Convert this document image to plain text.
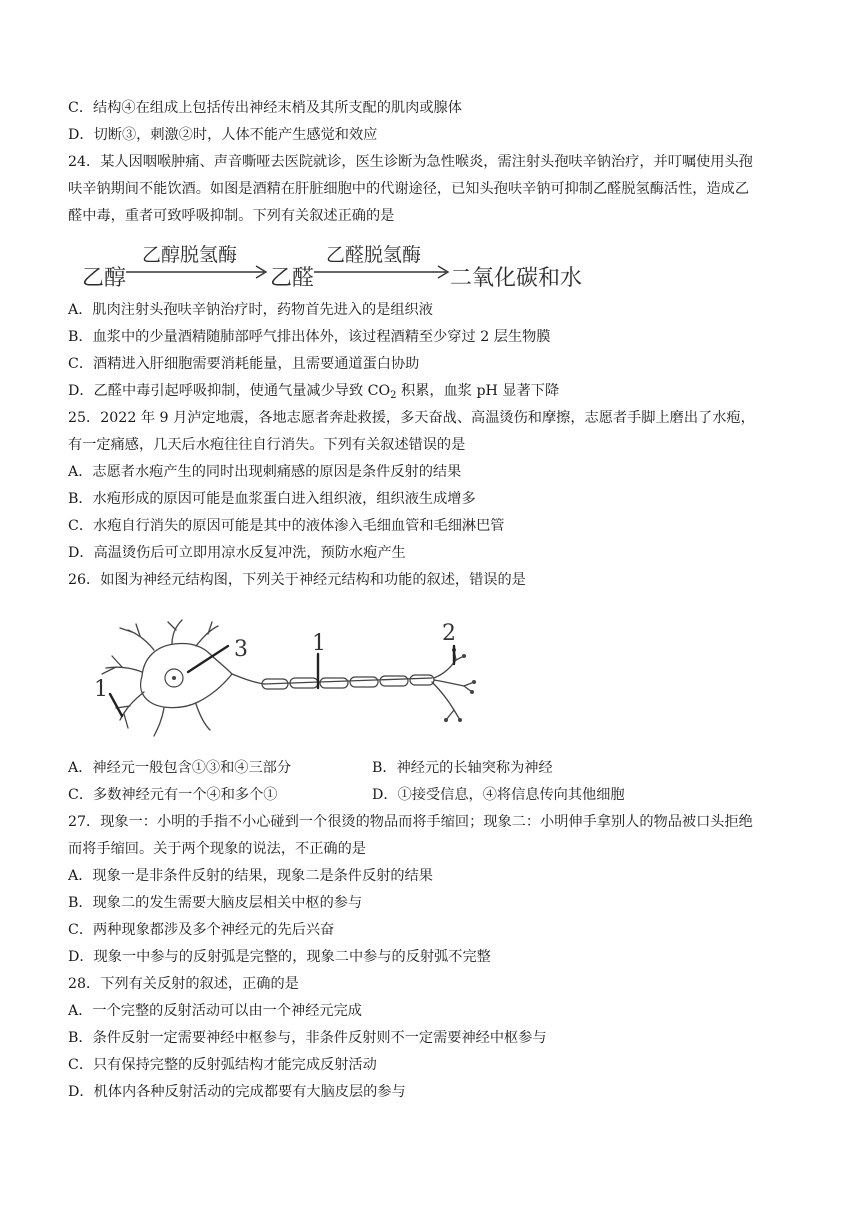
C．结构④在组成上包括传出神经末梢及其所支配的肌肉或腺体
D．切断③，刺激②时，人体不能产生感觉和效应
24．某人因咽喉肿痛、声音嘶哑去医院就诊，医生诊断为急性喉炎，需注射头孢呋辛钠治疗，并叮嘱使用头孢
呋辛钠期间不能饮酒。如图是酒精在肝脏细胞中的代谢途径，已知头孢呋辛钠可抑制乙醛脱氢酶活性，造成乙
醛中毒，重者可致呼吸抑制。下列有关叙述正确的是
乙醇
乙醇脱氢酶
乙醛
乙醛脱氢酶
二氧化碳和水
A．肌肉注射头孢呋辛钠治疗时，药物首先进入的是组织液
B．血浆中的少量酒精随肺部呼气排出体外，该过程酒精至少穿过 2 层生物膜
C．酒精进入肝细胞需要消耗能量，且需要通道蛋白协助
D．乙醛中毒引起呼吸抑制，使通气量减少导致 $CO_2$ 积累，血浆 pH 显著下降
25．2022 年 9 月泸定地震，各地志愿者奔赴救援，多天奋战、高温烫伤和摩擦，志愿者手脚上磨出了水疱，
有一定痛感，几天后水疱往往自行消失。下列有关叙述错误的是
A．志愿者水疱产生的同时出现刺痛感的原因是条件反射的结果
B．水疱形成的原因可能是血浆蛋白进入组织液，组织液生成增多
C．水疱自行消失的原因可能是其中的液体渗入毛细血管和毛细淋巴管
D．高温烫伤后可立即用凉水反复冲洗，预防水疱产生
26．如图为神经元结构图，下列关于神经元结构和功能的叙述，错误的是
1
3	1	2
A．神经元一般包含①③和④三部分	B．神经元的长轴突称为神经
C．多数神经元有一个④和多个①	D．①接受信息，④将信息传向其他细胞
27．现象一：小明的手指不小心碰到一个很烫的物品而将手缩回；现象二：小明伸手拿别人的物品被口头拒绝
而将手缩回。关于两个现象的说法，不正确的是
A．现象一是非条件反射的结果，现象二是条件反射的结果
B．现象二的发生需要大脑皮层相关中枢的参与
C．两种现象都涉及多个神经元的先后兴奋
D．现象一中参与的反射弧是完整的，现象二中参与的反射弧不完整
28．下列有关反射的叙述，正确的是
A．一个完整的反射活动可以由一个神经元完成
B．条件反射一定需要神经中枢参与，非条件反射则不一定需要神经中枢参与
C．只有保持完整的反射弧结构才能完成反射活动
D．机体内各种反射活动的完成都要有大脑皮层的参与
